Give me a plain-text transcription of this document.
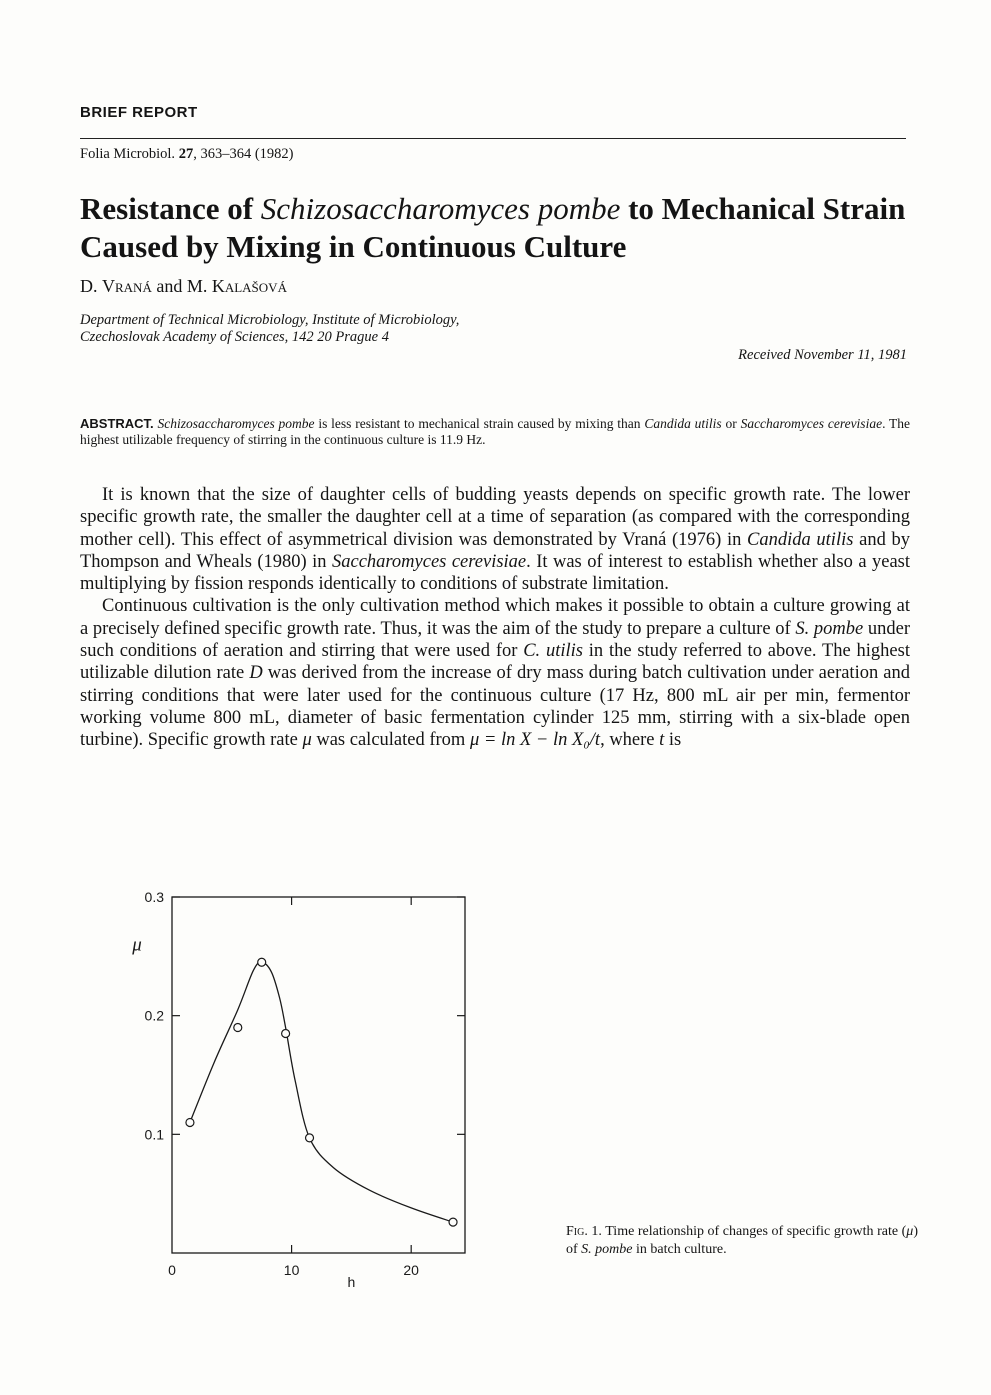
BRIEF REPORT
Folia Microbiol. 27, 363–364 (1982)
Resistance of Schizosaccharomyces pombe to Mechanical Strain Caused by Mixing in Continuous Culture
D. Vraná and M. Kalašová
Department of Technical Microbiology, Institute of Microbiology,
Czechoslovak Academy of Sciences, 142 20 Prague 4
Received November 11, 1981
ABSTRACT. Schizosaccharomyces pombe is less resistant to mechanical strain caused by mixing than Candida utilis or Saccharomyces cerevisiae. The highest utilizable frequency of stirring in the continuous culture is 11.9 Hz.

It is known that the size of daughter cells of budding yeasts depends on specific growth rate. The lower specific growth rate, the smaller the daughter cell at a time of separation (as compared with the corresponding mother cell). This effect of asymmetrical division was demonstrated by Vraná (1976) in Candida utilis and by Thompson and Wheals (1980) in Saccharomyces cerevisiae. It was of interest to establish whether also a yeast multiplying by fission responds identically to conditions of substrate limitation.

Continuous cultivation is the only cultivation method which makes it possible to obtain a culture growing at a precisely defined specific growth rate. Thus, it was the aim of the study to prepare a culture of S. pombe under such conditions of aeration and stirring that were used for C. utilis in the study referred to above. The highest utilizable dilution rate D was derived from the increase of dry mass during batch cultivation under aeration and stirring conditions that were later used for the continuous culture (17 Hz, 800 mL air per min, fermentor working volume 800 mL, diameter of basic fermentation cylinder 125 mm, stirring with a six-blade open turbine). Specific growth rate μ was calculated from μ = ln X − ln X₀/t, where t is

0	10	20
0.1
0.2
0.3
h
μ
Fig. 1. Time relationship of changes of specific growth rate (μ) of S. pombe in batch culture.
